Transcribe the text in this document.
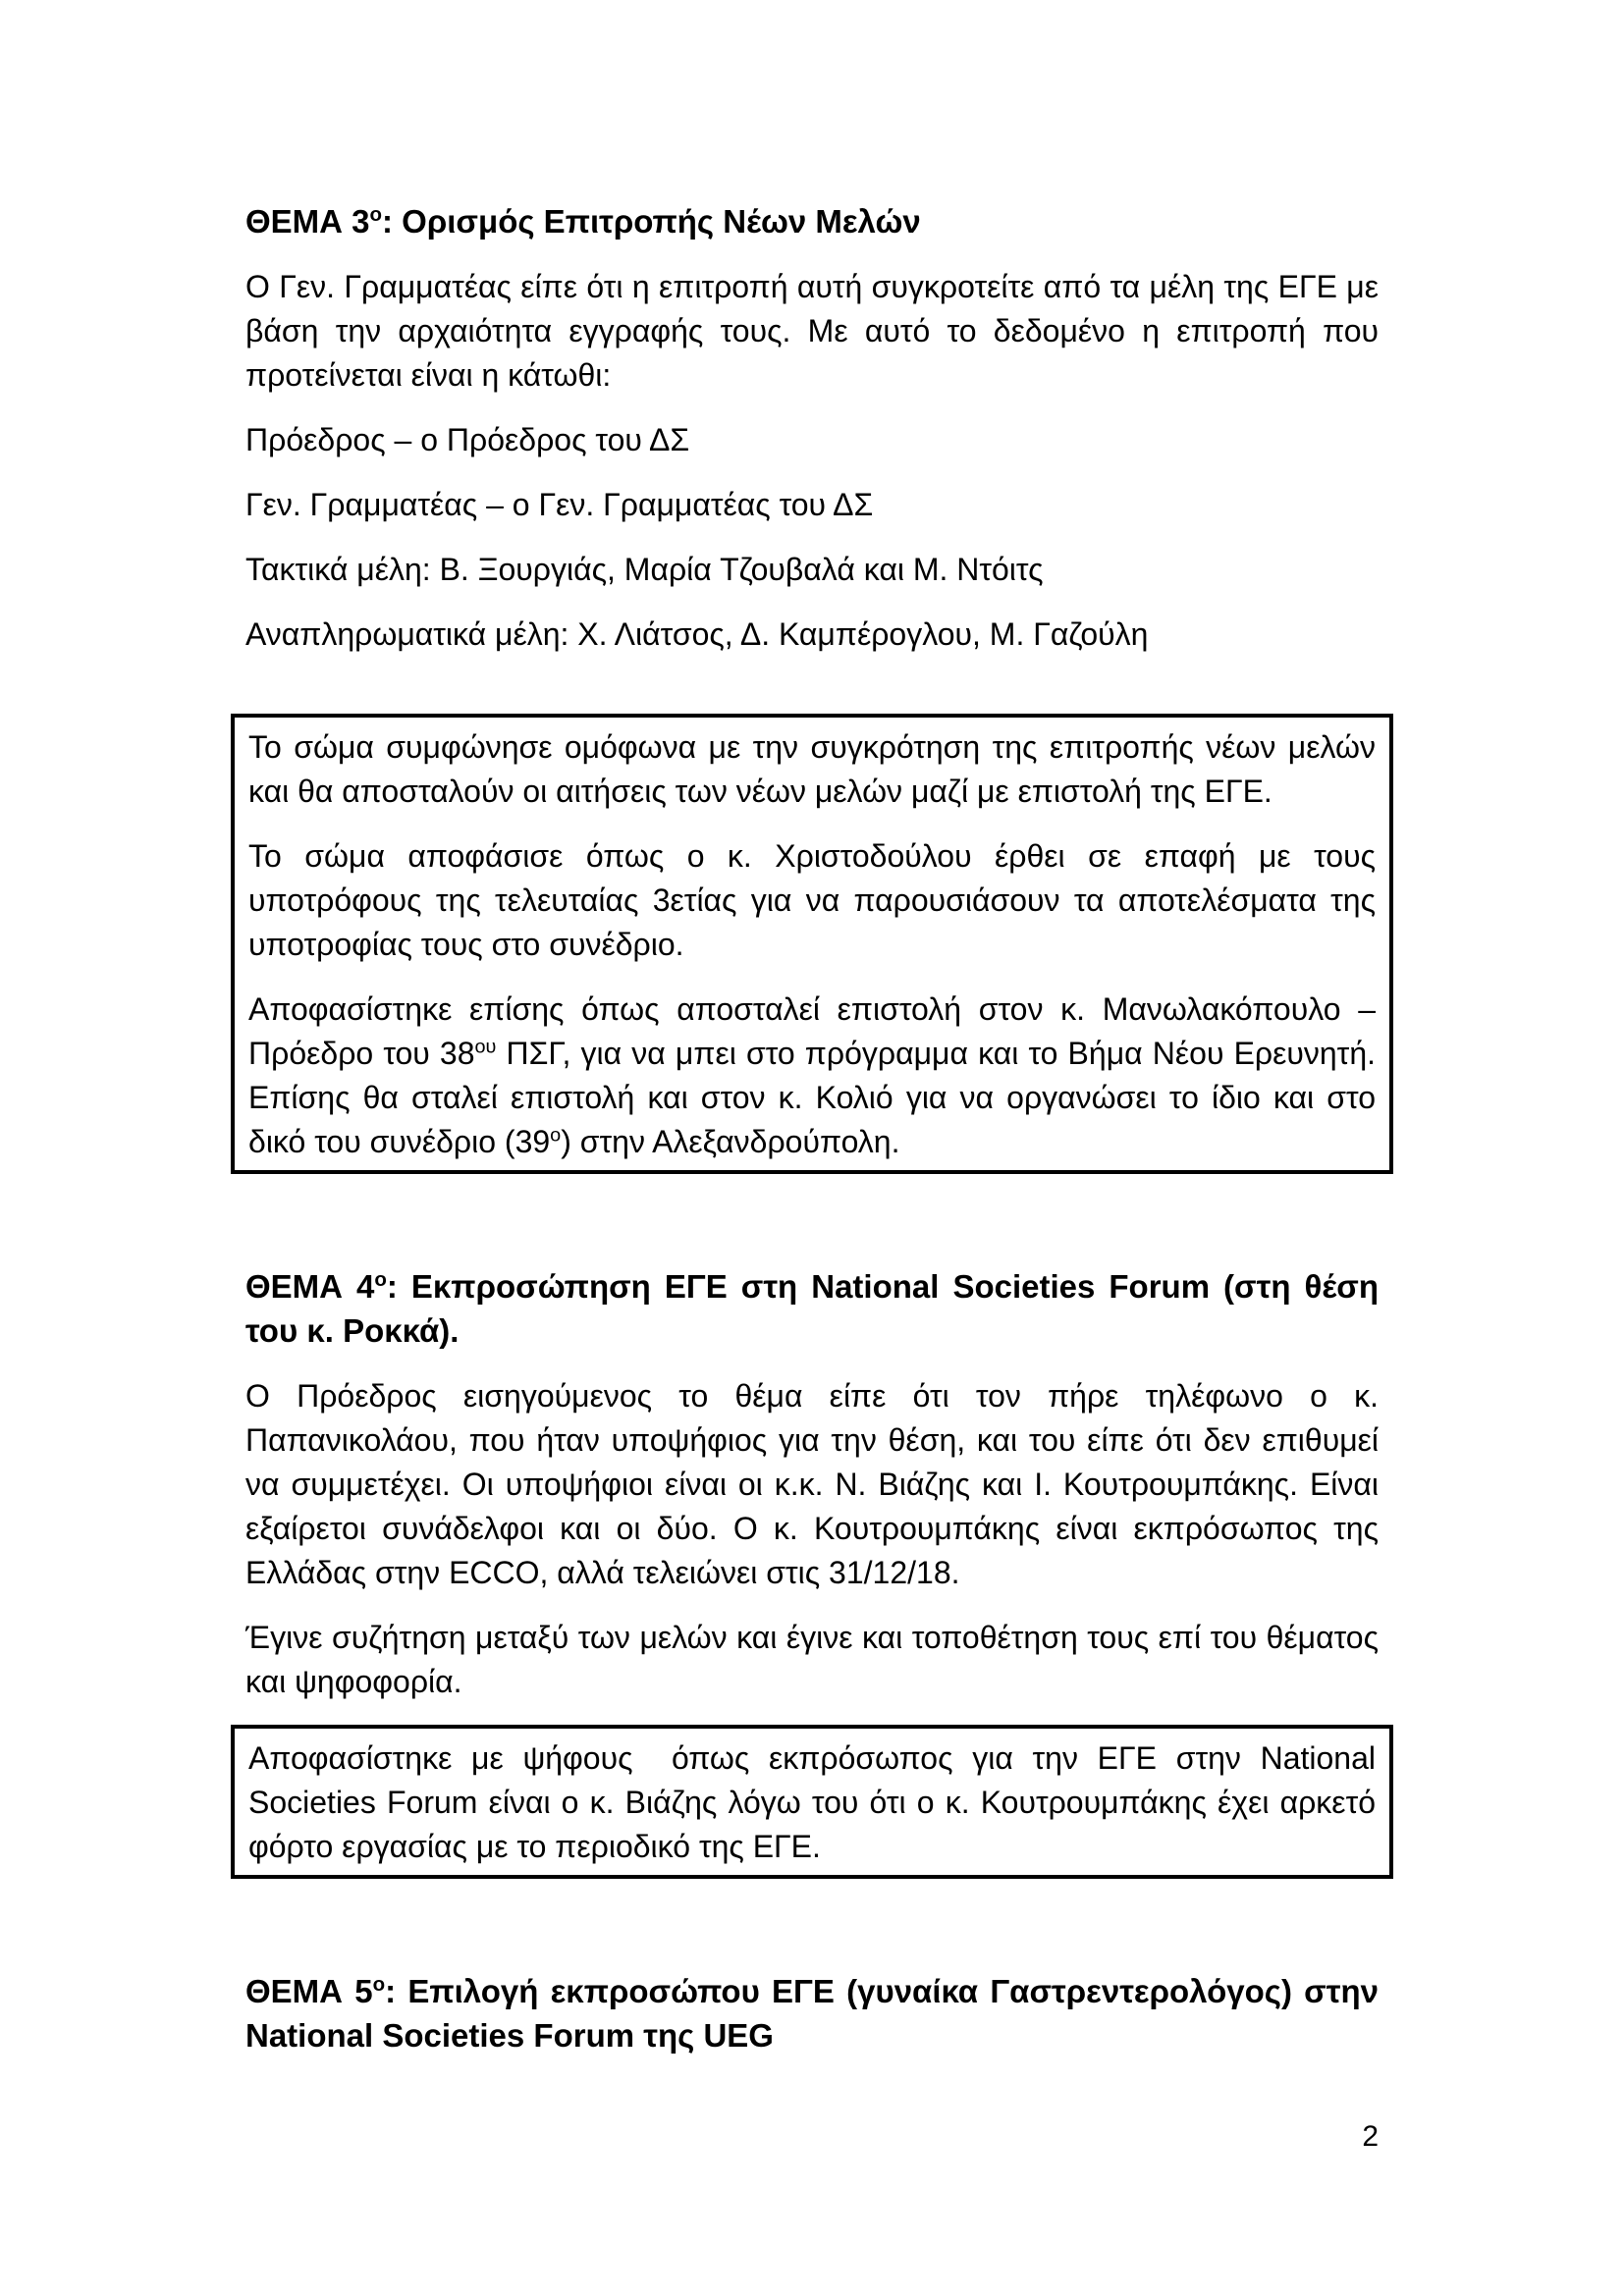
ΘΕΜΑ $3^o$: Ορισμός Επιτροπής Νέων Μελών

Ο Γεν. Γραμματέας είπε ότι η επιτροπή αυτή συγκροτείτε από τα μέλη της ΕΓΕ με βάση την αρχαιότητα εγγραφής τους. Με αυτό το δεδομένο η επιτροπή που προτείνεται είναι η κάτωθι:

Πρόεδρος – ο Πρόεδρος του ΔΣ

Γεν. Γραμματέας – ο Γεν. Γραμματέας του ΔΣ

Τακτικά μέλη: Β. Ξουργιάς, Μαρία Τζουβαλά και Μ. Ντόιτς

Αναπληρωματικά μέλη: Χ. Λιάτσος, Δ. Καμπέρογλου, Μ. Γαζούλη

Το σώμα συμφώνησε ομόφωνα με την συγκρότηση της επιτροπής νέων μελών και θα αποσταλούν οι αιτήσεις των νέων μελών μαζί με επιστολή της ΕΓΕ.

Το σώμα αποφάσισε όπως ο κ. Χριστοδούλου έρθει σε επαφή με τους υποτρόφους της τελευταίας 3ετίας για να παρουσιάσουν τα αποτελέσματα της υποτροφίας τους στο συνέδριο.

Αποφασίστηκε επίσης όπως αποσταλεί επιστολή στον κ. Μανωλακόπουλο – Πρόεδρο του $38^{o\upsilon}$ ΠΣΓ, για να μπει στο πρόγραμμα και το Βήμα Νέου Ερευνητή. Επίσης θα σταλεί επιστολή και στον κ. Κολιό για να οργανώσει το ίδιο και στο δικό του συνέδριο $(39^o)$ στην Αλεξανδρούπολη.

ΘΕΜΑ $4^o$: Εκπροσώπηση ΕΓΕ στη National Societies Forum (στη θέση του κ. Ροκκά).

Ο Πρόεδρος εισηγούμενος το θέμα είπε ότι τον πήρε τηλέφωνο ο κ. Παπανικολάου, που ήταν υποψήφιος για την θέση, και του είπε ότι δεν επιθυμεί να συμμετέχει. Οι υποψήφιοι είναι οι κ.κ. Ν. Βιάζης και Ι. Κουτρουμπάκης. Είναι εξαίρετοι συνάδελφοι και οι δύο. Ο κ. Κουτρουμπάκης είναι εκπρόσωπος της Ελλάδας στην ECCO, αλλά τελειώνει στις 31/12/18.

Έγινε συζήτηση μεταξύ των μελών και έγινε και τοποθέτηση τους επί του θέματος και ψηφοφορία.

Αποφασίστηκε με ψήφους  όπως εκπρόσωπος για την ΕΓΕ στην National Societies Forum είναι ο κ. Βιάζης λόγω του ότι ο κ. Κουτρουμπάκης έχει αρκετό φόρτο εργασίας με το περιοδικό της ΕΓΕ.

ΘΕΜΑ $5^o$: Επιλογή εκπροσώπου ΕΓΕ (γυναίκα Γαστρεντερολόγος) στην National Societies Forum της UEG
2
